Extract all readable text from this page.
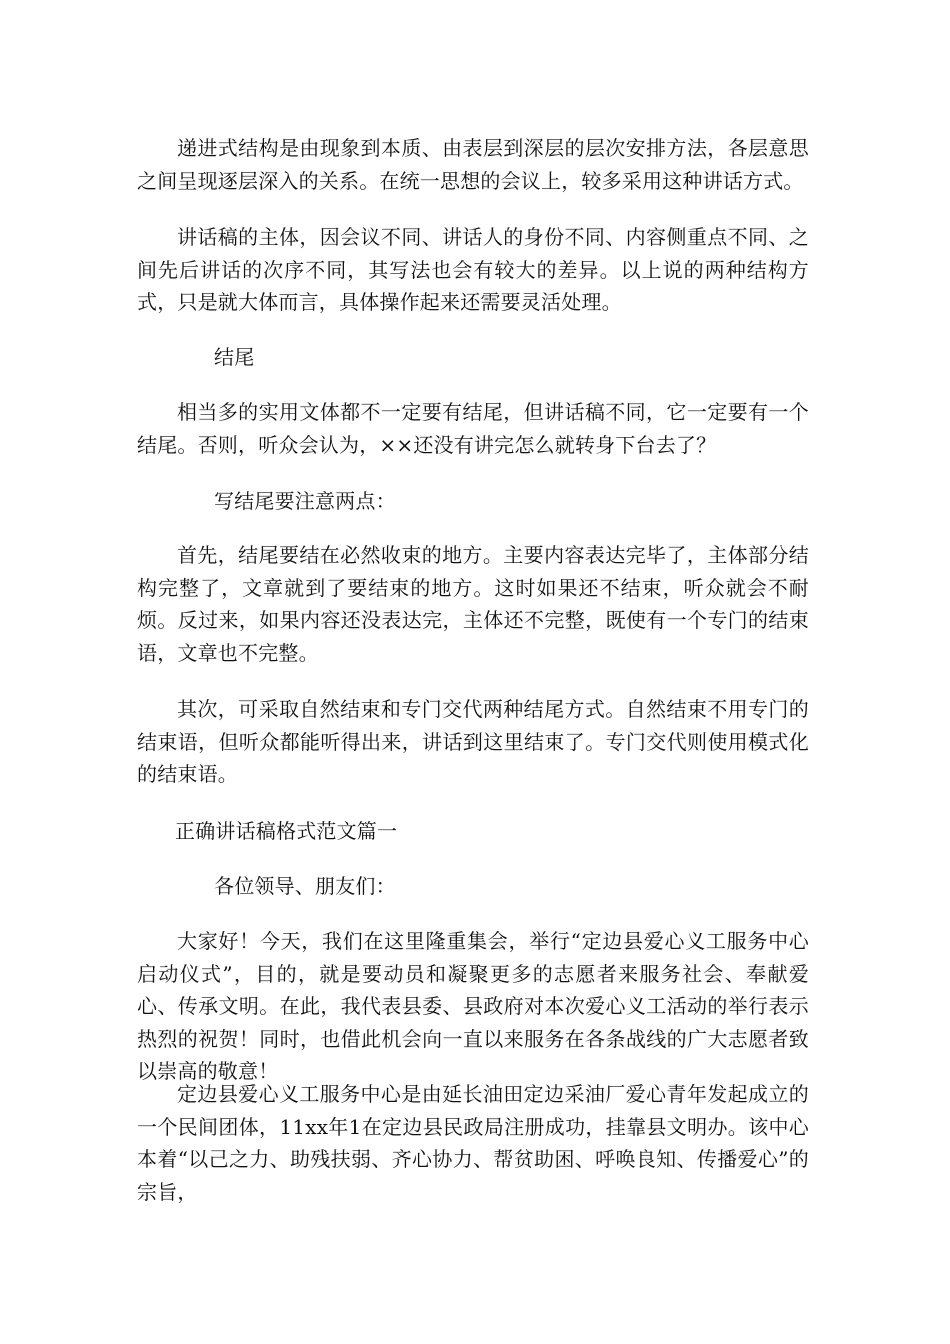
递进式结构是由现象到本质、由表层到深层的层次安排方法，各层意思之间呈现逐层深入的关系。在统一思想的会议上，较多采用这种讲话方式。

讲话稿的主体，因会议不同、讲话人的身份不同、内容侧重点不同、之间先后讲话的次序不同，其写法也会有较大的差异。以上说的两种结构方式，只是就大体而言，具体操作起来还需要灵活处理。

结尾

相当多的实用文体都不一定要有结尾，但讲话稿不同，它一定要有一个结尾。否则，听众会认为，××还没有讲完怎么就转身下台去了？

写结尾要注意两点：

首先，结尾要结在必然收束的地方。主要内容表达完毕了，主体部分结构完整了，文章就到了要结束的地方。这时如果还不结束，听众就会不耐烦。反过来，如果内容还没表达完，主体还不完整，既使有一个专门的结束语，文章也不完整。

其次，可采取自然结束和专门交代两种结尾方式。自然结束不用专门的结束语，但听众都能听得出来，讲话到这里结束了。专门交代则使用模式化的结束语。

正确讲话稿格式范文篇一

各位领导、朋友们：

大家好！今天，我们在这里隆重集会，举行“定边县爱心义工服务中心启动仪式”，目的，就是要动员和凝聚更多的志愿者来服务社会、奉献爱心、传承文明。在此，我代表县委、县政府对本次爱心义工活动的举行表示热烈的祝贺！同时，也借此机会向一直以来服务在各条战线的广大志愿者致以崇高的敬意！

定边县爱心义工服务中心是由延长油田定边采油厂爱心青年发起成立的一个民间团体，11xx年1在定边县民政局注册成功，挂靠县文明办。该中心本着“以己之力、助残扶弱、齐心协力、帮贫助困、呼唤良知、传播爱心”的宗旨，
